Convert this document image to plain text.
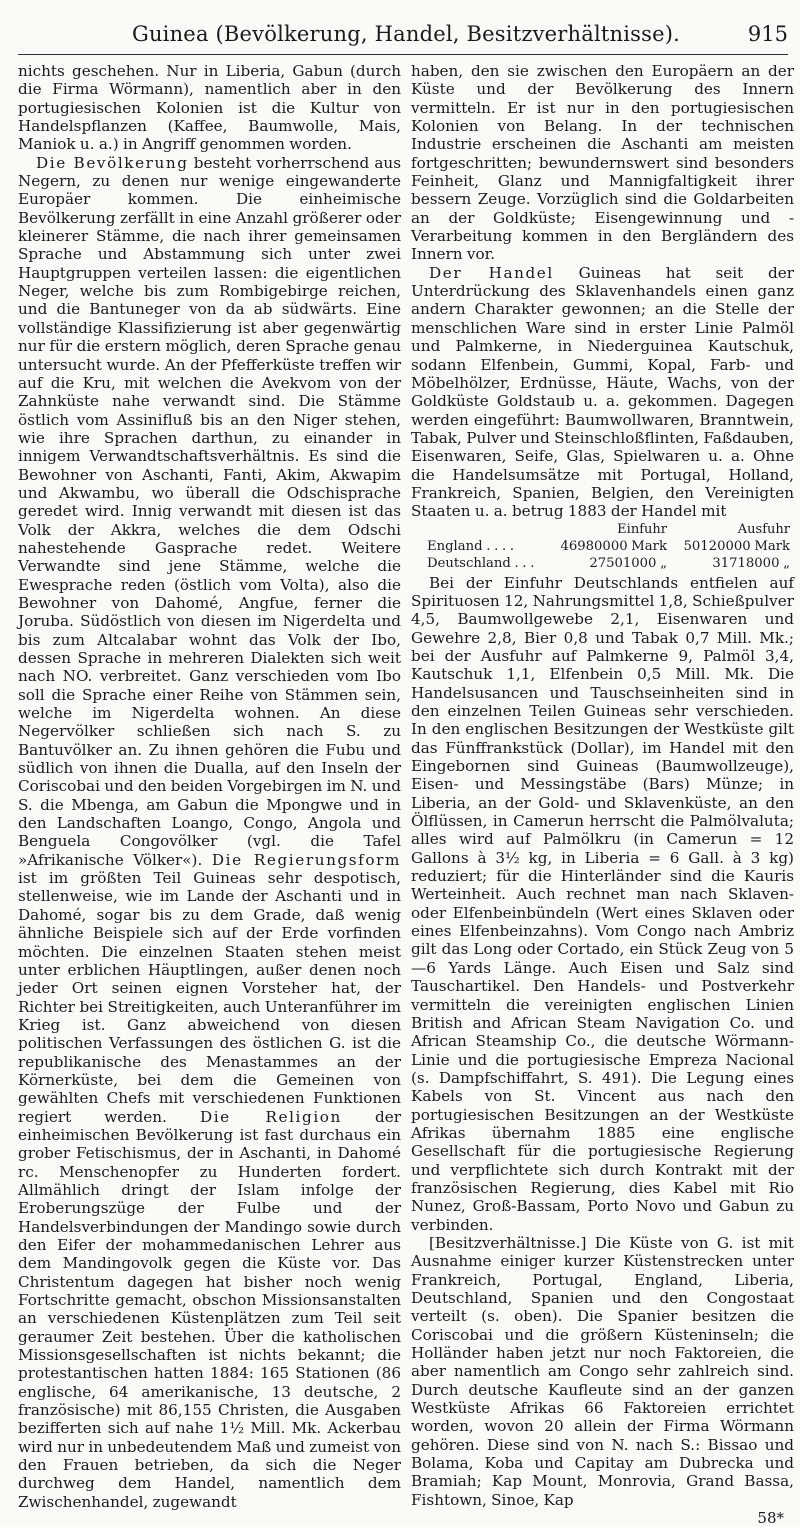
Guinea (Bevölkerung, Handel, Besitzverhältnisse).	915

nichts geschehen. Nur in Liberia, Gabun (durch die Firma Wörmann), namentlich aber in den portugiesischen Kolonien ist die Kultur von Handelspflanzen (Kaffee, Baumwolle, Mais, Maniok u. a.) in Angriff genommen worden.

Die Bevölkerung besteht vorherrschend aus Negern, zu denen nur wenige eingewanderte Europäer kommen. Die einheimische Bevölkerung zerfällt in eine Anzahl größerer oder kleinerer Stämme, die nach ihrer gemeinsamen Sprache und Abstammung sich unter zwei Hauptgruppen verteilen lassen: die eigentlichen Neger, welche bis zum Rombigebirge reichen, und die Bantuneger von da ab südwärts. Eine vollständige Klassifizierung ist aber gegenwärtig nur für die erstern möglich, deren Sprache genau untersucht wurde. An der Pfefferküste treffen wir auf die Kru, mit welchen die Avekvom von der Zahnküste nahe verwandt sind. Die Stämme östlich vom Assinifluß bis an den Niger stehen, wie ihre Sprachen darthun, zu einander in innigem Verwandtschaftsverhältnis. Es sind die Bewohner von Aschanti, Fanti, Akim, Akwapim und Akwambu, wo überall die Odschisprache geredet wird. Innig verwandt mit diesen ist das Volk der Akkra, welches die dem Odschi nahestehende Gasprache redet. Weitere Verwandte sind jene Stämme, welche die Ewesprache reden (östlich vom Volta), also die Bewohner von Dahomé, Angfue, ferner die Joruba. Südöstlich von diesen im Nigerdelta und bis zum Altcalabar wohnt das Volk der Ibo, dessen Sprache in mehreren Dialekten sich weit nach NO. verbreitet. Ganz verschieden vom Ibo soll die Sprache einer Reihe von Stämmen sein, welche im Nigerdelta wohnen. An diese Negervölker schließen sich nach S. zu Bantuvölker an. Zu ihnen gehören die Fubu und südlich von ihnen die Dualla, auf den Inseln der Coriscobai und den beiden Vorgebirgen im N. und S. die Mbenga, am Gabun die Mpongwe und in den Landschaften Loango, Congo, Angola und Benguela Congovölker (vgl. die Tafel »Afrikanische Völker«). Die Regierungsform ist im größten Teil Guineas sehr despotisch, stellenweise, wie im Lande der Aschanti und in Dahomé, sogar bis zu dem Grade, daß wenig ähnliche Beispiele sich auf der Erde vorfinden möchten. Die einzelnen Staaten stehen meist unter erblichen Häuptlingen, außer denen noch jeder Ort seinen eignen Vorsteher hat, der Richter bei Streitigkeiten, auch Unteranführer im Krieg ist. Ganz abweichend von diesen politischen Verfassungen des östlichen G. ist die republikanische des Menastammes an der Körnerküste, bei dem die Gemeinen von gewählten Chefs mit verschiedenen Funktionen regiert werden. Die Religion der einheimischen Bevölkerung ist fast durchaus ein grober Fetischismus, der in Aschanti, in Dahomé rc. Menschenopfer zu Hunderten fordert. Allmählich dringt der Islam infolge der Eroberungszüge der Fulbe und der Handelsverbindungen der Mandingo sowie durch den Eifer der mohammedanischen Lehrer aus dem Mandingovolk gegen die Küste vor. Das Christentum dagegen hat bisher noch wenig Fortschritte gemacht, obschon Missionsanstalten an verschiedenen Küstenplätzen zum Teil seit geraumer Zeit bestehen. Über die katholischen Missionsgesellschaften ist nichts bekannt; die protestantischen hatten 1884: 165 Stationen (86 englische, 64 amerikanische, 13 deutsche, 2 französische) mit 86,155 Christen, die Ausgaben bezifferten sich auf nahe 1½ Mill. Mk. Ackerbau wird nur in unbedeutendem Maß und zumeist von den Frauen betrieben, da sich die Neger durchweg dem Handel, namentlich dem Zwischenhandel, zugewandt

haben, den sie zwischen den Europäern an der Küste und der Bevölkerung des Innern vermitteln. Er ist nur in den portugiesischen Kolonien von Belang. In der technischen Industrie erscheinen die Aschanti am meisten fortgeschritten; bewundernswert sind besonders Feinheit, Glanz und Mannigfaltigkeit ihrer bessern Zeuge. Vorzüglich sind die Goldarbeiten an der Goldküste; Eisengewinnung und -Verarbeitung kommen in den Bergländern des Innern vor.

Der Handel Guineas hat seit der Unterdrückung des Sklavenhandels einen ganz andern Charakter gewonnen; an die Stelle der menschlichen Ware sind in erster Linie Palmöl und Palmkerne, in Niederguinea Kautschuk, sodann Elfenbein, Gummi, Kopal, Farb- und Möbelhölzer, Erdnüsse, Häute, Wachs, von der Goldküste Goldstaub u. a. gekommen. Dagegen werden eingeführt: Baumwollwaren, Branntwein, Tabak, Pulver und Steinschloßflinten, Faßdauben, Eisenwaren, Seife, Glas, Spielwaren u. a. Ohne die Handelsumsätze mit Portugal, Holland, Frankreich, Spanien, Belgien, den Vereinigten Staaten u. a. betrug 1883 der Handel mit

	Einfuhr	Ausfuhr
England . . . .	46980000 Mark	50120000 Mark
Deutschland . . .	27501000 „	31718000 „

Bei der Einfuhr Deutschlands entfielen auf Spirituosen 12, Nahrungsmittel 1,8, Schießpulver 4,5, Baumwollgewebe 2,1, Eisenwaren und Gewehre 2,8, Bier 0,8 und Tabak 0,7 Mill. Mk.; bei der Ausfuhr auf Palmkerne 9, Palmöl 3,4, Kautschuk 1,1, Elfenbein 0,5 Mill. Mk. Die Handelsusancen und Tauschseinheiten sind in den einzelnen Teilen Guineas sehr verschieden. In den englischen Besitzungen der Westküste gilt das Fünffrankstück (Dollar), im Handel mit den Eingebornen sind Guineas (Baumwollzeuge), Eisen- und Messingstäbe (Bars) Münze; in Liberia, an der Gold- und Sklavenküste, an den Ölflüssen, in Camerun herrscht die Palmölvaluta; alles wird auf Palmölkru (in Camerun = 12 Gallons à 3½ kg, in Liberia = 6 Gall. à 3 kg) reduziert; für die Hinterländer sind die Kauris Werteinheit. Auch rechnet man nach Sklaven- oder Elfenbeinbündeln (Wert eines Sklaven oder eines Elfenbeinzahns). Vom Congo nach Ambriz gilt das Long oder Cortado, ein Stück Zeug von 5—6 Yards Länge. Auch Eisen und Salz sind Tauschartikel. Den Handels- und Postverkehr vermitteln die vereinigten englischen Linien British and African Steam Navigation Co. und African Steamship Co., die deutsche Wörmann-Linie und die portugiesische Empreza Nacional (s. Dampfschiffahrt, S. 491). Die Legung eines Kabels von St. Vincent aus nach den portugiesischen Besitzungen an der Westküste Afrikas übernahm 1885 eine englische Gesellschaft für die portugiesische Regierung und verpflichtete sich durch Kontrakt mit der französischen Regierung, dies Kabel mit Rio Nunez, Groß-Bassam, Porto Novo und Gabun zu verbinden.

[Besitzverhältnisse.] Die Küste von G. ist mit Ausnahme einiger kurzer Küstenstrecken unter Frankreich, Portugal, England, Liberia, Deutschland, Spanien und den Congostaat verteilt (s. oben). Die Spanier besitzen die Coriscobai und die größern Küsteninseln; die Holländer haben jetzt nur noch Faktoreien, die aber namentlich am Congo sehr zahlreich sind. Durch deutsche Kaufleute sind an der ganzen Westküste Afrikas 66 Faktoreien errichtet worden, wovon 20 allein der Firma Wörmann gehören. Diese sind von N. nach S.: Bissao und Bolama, Koba und Capitay am Dubrecka und Bramiah; Kap Mount, Monrovia, Grand Bassa, Fishtown, Sinoe, Kap

58*
